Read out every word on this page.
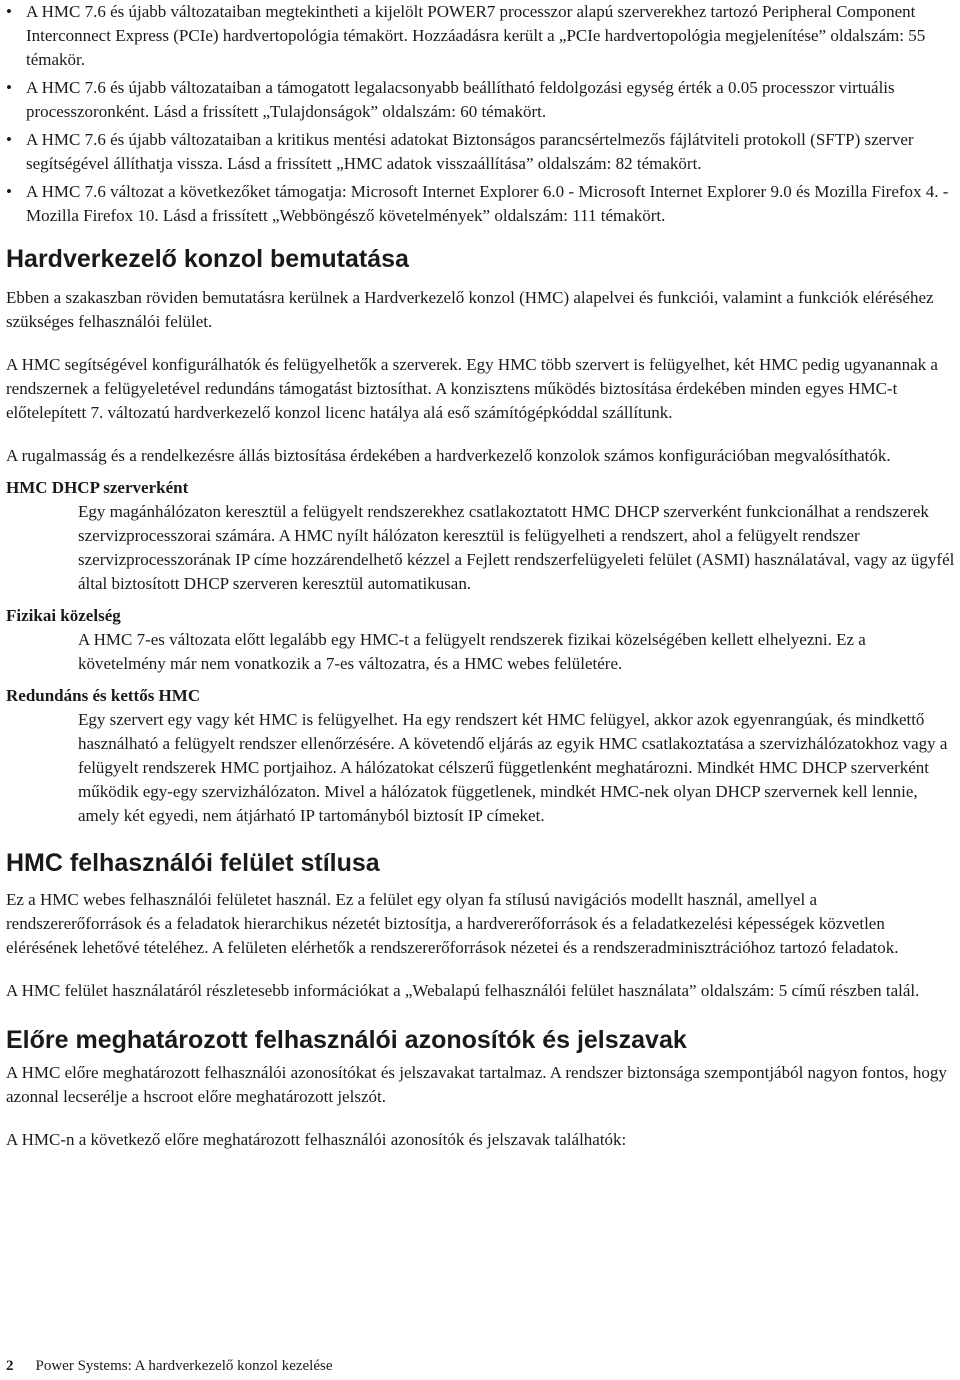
• A HMC 7.6 és újabb változataiban megtekintheti a kijelölt POWER7 processzor alapú szerverekhez tartozó Peripheral Component Interconnect Express (PCIe) hardvertopológia témakört. Hozzáadásra került a „PCIe hardvertopológia megjelenítése” oldalszám: 55 témakör.
• A HMC 7.6 és újabb változataiban a támogatott legalacsonyabb beállítható feldolgozási egység érték a 0.05 processzor virtuális processzoronként. Lásd a frissített „Tulajdonságok” oldalszám: 60 témakört.
• A HMC 7.6 és újabb változataiban a kritikus mentési adatokat Biztonságos parancsértelmezős fájlátviteli protokoll (SFTP) szerver segítségével állíthatja vissza. Lásd a frissített „HMC adatok visszaállítása” oldalszám: 82 témakört.
• A HMC 7.6 változat a következőket támogatja: Microsoft Internet Explorer 6.0 - Microsoft Internet Explorer 9.0 és Mozilla Firefox 4. - Mozilla Firefox 10. Lásd a frissített „Webböngésző követelmények” oldalszám: 111 témakört.
Hardverkezelő konzol bemutatása

Ebben a szakaszban röviden bemutatásra kerülnek a Hardverkezelő konzol (HMC) alapelvei és funkciói, valamint a funkciók eléréséhez szükséges felhasználói felület.

A HMC segítségével konfigurálhatók és felügyelhetők a szerverek. Egy HMC több szervert is felügyelhet, két HMC pedig ugyanannak a rendszernek a felügyeletével redundáns támogatást biztosíthat. A konzisztens működés biztosítása érdekében minden egyes HMC-t előtelepített 7. változatú hardverkezelő konzol licenc hatálya alá eső számítógépkóddal szállítunk.

A rugalmasság és a rendelkezésre állás biztosítása érdekében a hardverkezelő konzolok számos konfigurációban megvalósíthatók.

HMC DHCP szerverként

Egy magánhálózaton keresztül a felügyelt rendszerekhez csatlakoztatott HMC DHCP szerverként funkcionálhat a rendszerek szervizprocesszorai számára. A HMC nyílt hálózaton keresztül is felügyelheti a rendszert, ahol a felügyelt rendszer szervizprocesszorának IP címe hozzárendelhető kézzel a Fejlett rendszerfelügyeleti felület (ASMI) használatával, vagy az ügyfél által biztosított DHCP szerveren keresztül automatikusan.

Fizikai közelség

A HMC 7-es változata előtt legalább egy HMC-t a felügyelt rendszerek fizikai közelségében kellett elhelyezni. Ez a követelmény már nem vonatkozik a 7-es változatra, és a HMC webes felületére.

Redundáns és kettős HMC

Egy szervert egy vagy két HMC is felügyelhet. Ha egy rendszert két HMC felügyel, akkor azok egyenrangúak, és mindkettő használható a felügyelt rendszer ellenőrzésére. A követendő eljárás az egyik HMC csatlakoztatása a szervizhálózatokhoz vagy a felügyelt rendszerek HMC portjaihoz. A hálózatokat célszerű függetlenként meghatározni. Mindkét HMC DHCP szerverként működik egy-egy szervizhálózaton. Mivel a hálózatok függetlenek, mindkét HMC-nek olyan DHCP szervernek kell lennie, amely két egyedi, nem átjárható IP tartományból biztosít IP címeket.

HMC felhasználói felület stílusa

Ez a HMC webes felhasználói felületet használ. Ez a felület egy olyan fa stílusú navigációs modellt használ, amellyel a rendszererőforrások és a feladatok hierarchikus nézetét biztosítja, a hardvererőforrások és a feladatkezelési képességek közvetlen elérésének lehetővé tételéhez. A felületen elérhetők a rendszererőforrások nézetei és a rendszeradminisztrációhoz tartozó feladatok.

A HMC felület használatáról részletesebb információkat a „Webalapú felhasználói felület használata” oldalszám: 5 című részben talál.

Előre meghatározott felhasználói azonosítók és jelszavak

A HMC előre meghatározott felhasználói azonosítókat és jelszavakat tartalmaz. A rendszer biztonsága szempontjából nagyon fontos, hogy azonnal lecserélje a hscroot előre meghatározott jelszót.

A HMC-n a következő előre meghatározott felhasználói azonosítók és jelszavak találhatók:

2 Power Systems: A hardverkezelő konzol kezelése
